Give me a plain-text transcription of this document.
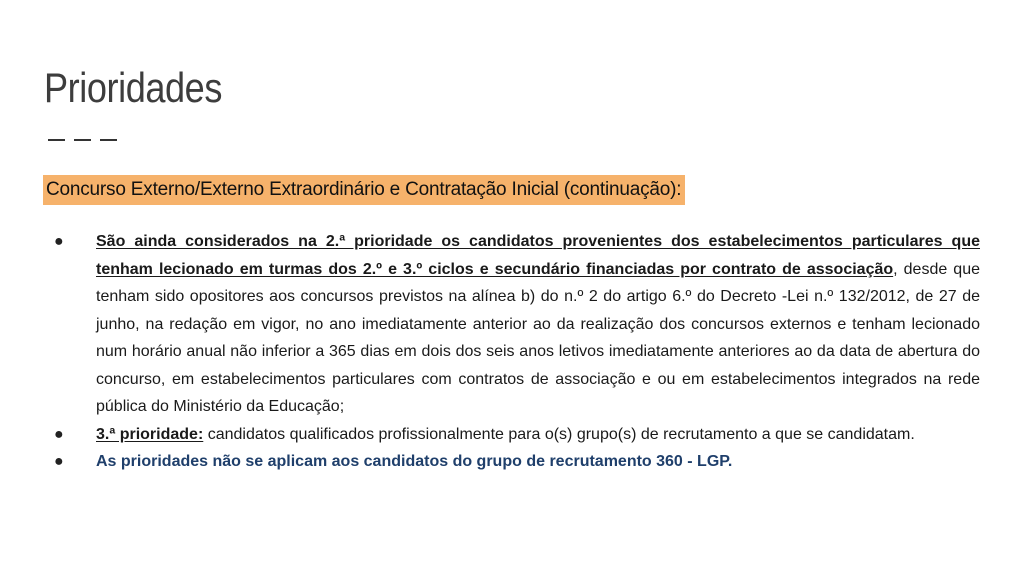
Prioridades
Concurso Externo/Externo Extraordinário e Contratação Inicial (continuação):
● São ainda considerados na 2.ª prioridade os candidatos provenientes dos estabelecimentos particulares que tenham lecionado em turmas dos 2.º e 3.º ciclos e secundário financiadas por contrato de associação, desde que tenham sido opositores aos concursos previstos na alínea b) do n.º 2 do artigo 6.º do Decreto -Lei n.º 132/2012, de 27 de junho, na redação em vigor, no ano imediatamente anterior ao da realização dos concursos externos e tenham lecionado num horário anual não inferior a 365 dias em dois dos seis anos letivos imediatamente anteriores ao da data de abertura do concurso, em estabelecimentos particulares com contratos de associação e ou em estabelecimentos integrados na rede pública do Ministério da Educação;
● 3.ª prioridade: candidatos qualificados profissionalmente para o(s) grupo(s) de recrutamento a que se candidatam.
● As prioridades não se aplicam aos candidatos do grupo de recrutamento 360 - LGP.
